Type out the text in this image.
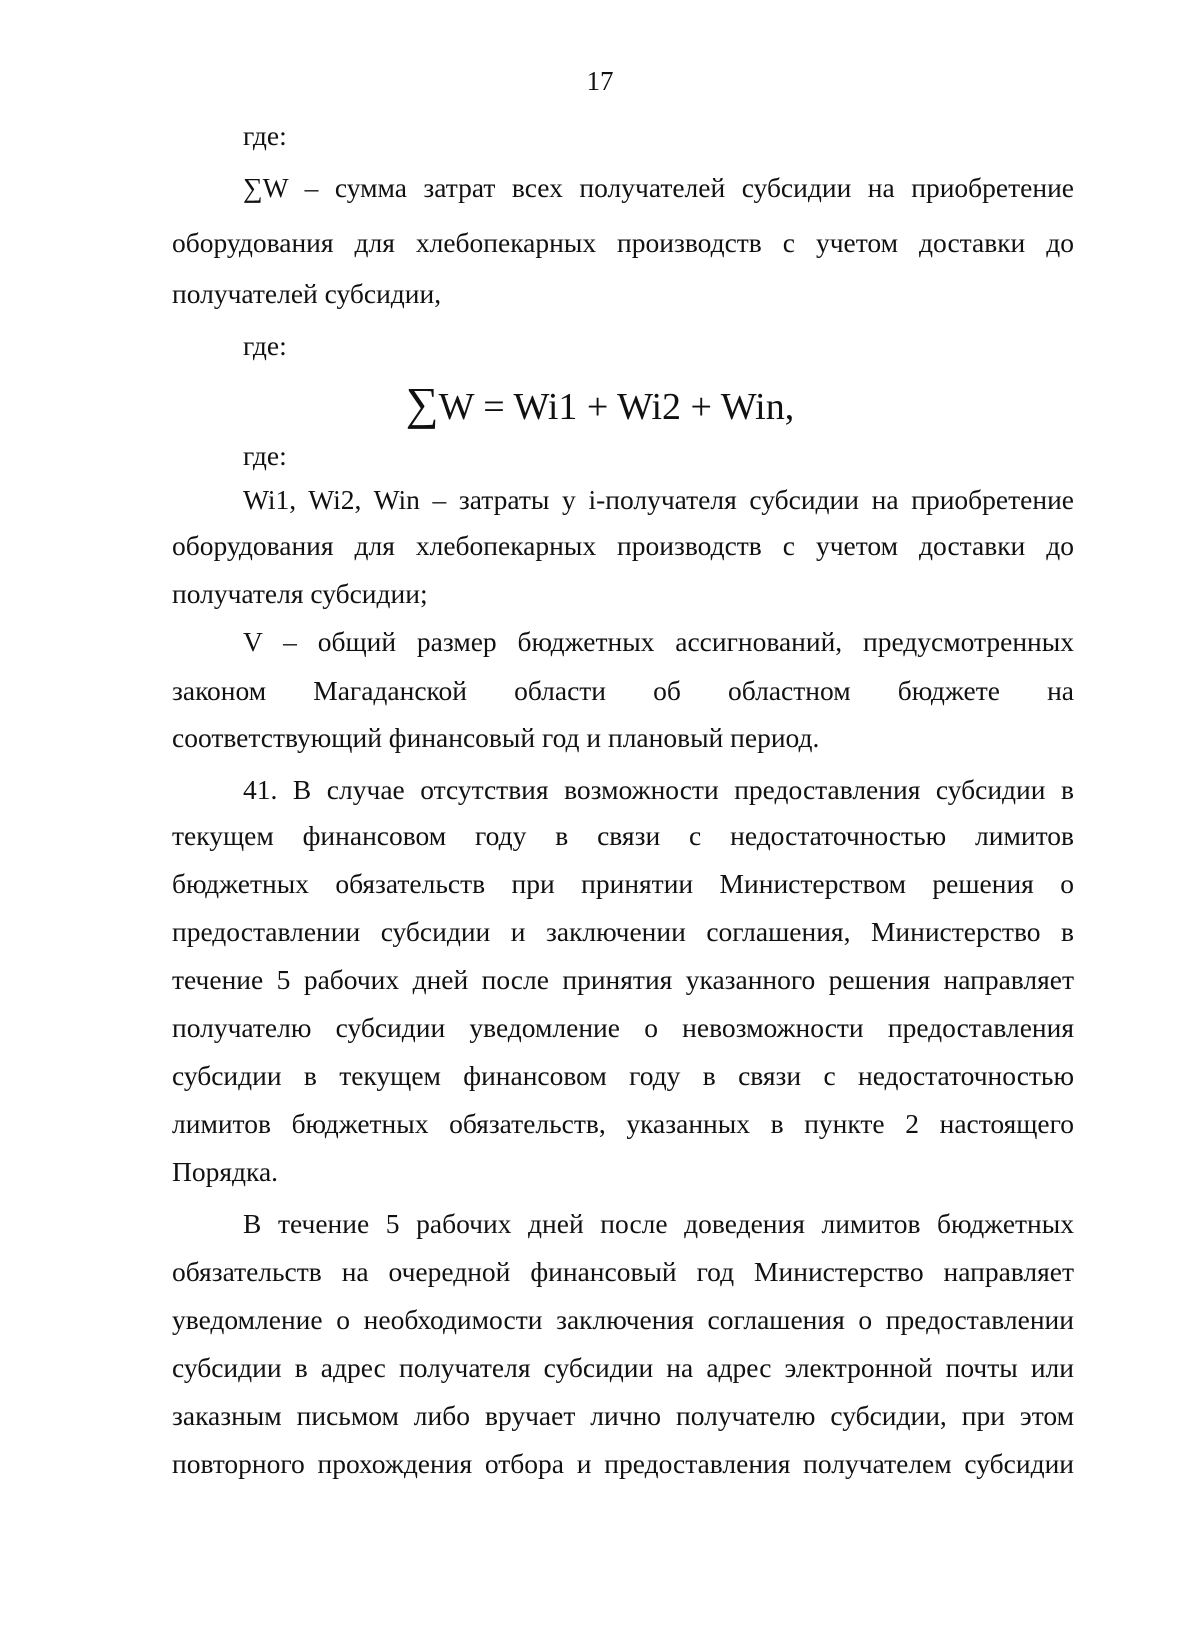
17
где:
∑W – сумма затрат всех получателей субсидии на приобретение
оборудования для хлебопекарных производств с учетом доставки до
получателей субсидии,
где:
∑W = Wi1 + Wi2 + Win,
где:
Wi1, Wi2, Win – затраты у i-получателя субсидии на приобретение
оборудования для хлебопекарных производств с учетом доставки до
получателя субсидии;
V – общий размер бюджетных ассигнований, предусмотренных
законом Магаданской области об областном бюджете на
соответствующий финансовый год и плановый период.
41. В случае отсутствия возможности предоставления субсидии в
текущем финансовом году в связи с недостаточностью лимитов
бюджетных обязательств при принятии Министерством решения о
предоставлении субсидии и заключении соглашения, Министерство в
течение 5 рабочих дней после принятия указанного решения направляет
получателю субсидии уведомление о невозможности предоставления
субсидии в текущем финансовом году в связи с недостаточностью
лимитов бюджетных обязательств, указанных в пункте 2 настоящего
Порядка.
В течение 5 рабочих дней после доведения лимитов бюджетных
обязательств на очередной финансовый год Министерство направляет
уведомление о необходимости заключения соглашения о предоставлении
субсидии в адрес получателя субсидии на адрес электронной почты или
заказным письмом либо вручает лично получателю субсидии, при этом
повторного прохождения отбора и предоставления получателем субсидии
